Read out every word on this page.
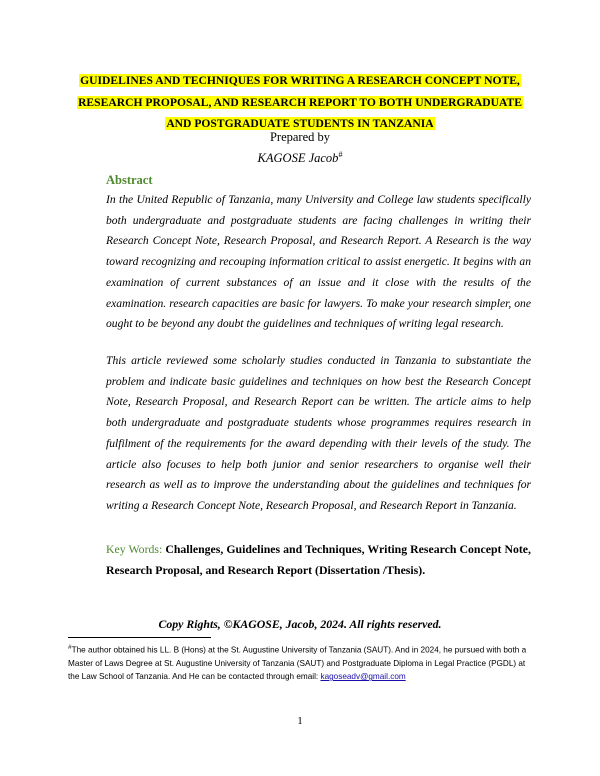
GUIDELINES AND TECHNIQUES FOR WRITING A RESEARCH CONCEPT NOTE,
RESEARCH PROPOSAL, AND RESEARCH REPORT TO BOTH UNDERGRADUATE
AND POSTGRADUATE STUDENTS IN TANZANIA
Prepared by
KAGOSE Jacob#
Abstract

In the United Republic of Tanzania, many University and College law students specifically both undergraduate and postgraduate students are facing challenges in writing their Research Concept Note, Research Proposal, and Research Report. A Research is the way toward recognizing and recouping information critical to assist energetic. It begins with an examination of current substances of an issue and it close with the results of the examination. research capacities are basic for lawyers. To make your research simpler, one ought to be beyond any doubt the guidelines and techniques of writing legal research.

This article reviewed some scholarly studies conducted in Tanzania to substantiate the problem and indicate basic guidelines and techniques on how best the Research Concept Note, Research Proposal, and Research Report can be written. The article aims to help both undergraduate and postgraduate students whose programmes requires research in fulfilment of the requirements for the award depending with their levels of the study. The article also focuses to help both junior and senior researchers to organise well their research as well as to improve the understanding about the guidelines and techniques for writing a Research Concept Note, Research Proposal, and Research Report in Tanzania.

Key Words: Challenges, Guidelines and Techniques, Writing Research Concept Note, Research Proposal, and Research Report (Dissertation /Thesis).
Copy Rights, ©KAGOSE, Jacob, 2024. All rights reserved.

#The author obtained his LL. B (Hons) at the St. Augustine University of Tanzania (SAUT). And in 2024, he pursued with both a Master of Laws Degree at St. Augustine University of Tanzania (SAUT) and Postgraduate Diploma in Legal Practice (PGDL) at the Law School of Tanzania. And He can be contacted through email: kagoseadv@gmail.com

1
